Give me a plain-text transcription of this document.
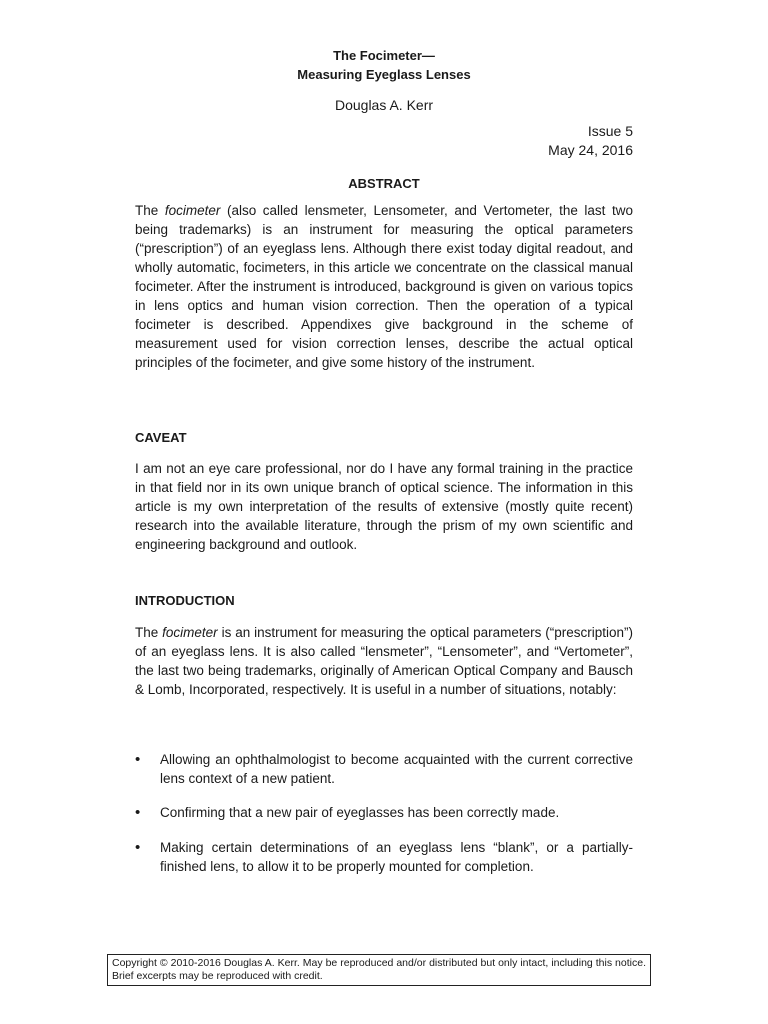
The Focimeter—
Measuring Eyeglass Lenses
Douglas A. Kerr
Issue 5
May 24, 2016
ABSTRACT

The focimeter (also called lensmeter, Lensometer, and Vertometer, the last two being trademarks) is an instrument for measuring the optical parameters (“prescription”) of an eyeglass lens. Although there exist today digital readout, and wholly automatic, focimeters, in this article we concentrate on the classical manual focimeter. After the instrument is introduced, background is given on various topics in lens optics and human vision correction. Then the operation of a typical focimeter is described. Appendixes give background in the scheme of measurement used for vision correction lenses, describe the actual optical principles of the focimeter, and give some history of the instrument.

CAVEAT

I am not an eye care professional, nor do I have any formal training in the practice in that field nor in its own unique branch of optical science. The information in this article is my own interpretation of the results of extensive (mostly quite recent) research into the available literature, through the prism of my own scientific and engineering background and outlook.

INTRODUCTION

The focimeter is an instrument for measuring the optical parameters (“prescription”) of an eyeglass lens. It is also called “lensmeter”, “Lensometer”, and “Vertometer”, the last two being trademarks, originally of American Optical Company and Bausch & Lomb, Incorporated, respectively. It is useful in a number of situations, notably:

• Allowing an ophthalmologist to become acquainted with the current corrective lens context of a new patient.
• Confirming that a new pair of eyeglasses has been correctly made.
• Making certain determinations of an eyeglass lens “blank”, or a partially-finished lens, to allow it to be properly mounted for completion.
Copyright © 2010-2016 Douglas A. Kerr. May be reproduced and/or distributed but only intact, including this notice. Brief excerpts may be reproduced with credit.
